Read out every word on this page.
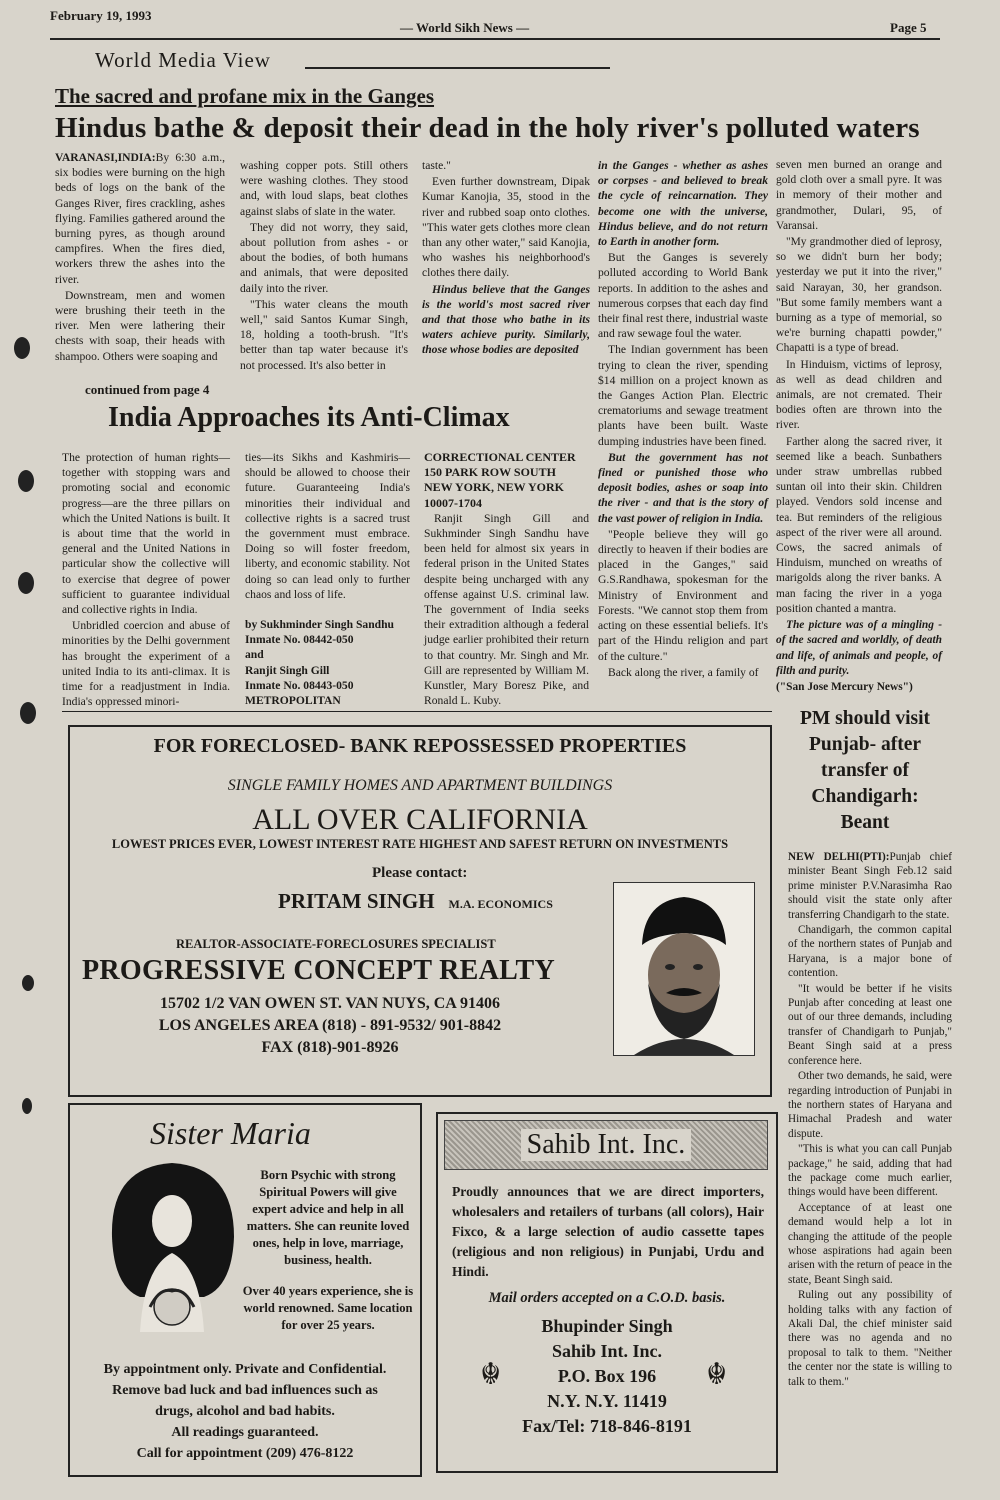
February 19, 1993
— World Sikh News —	Page 5
World Media View
The sacred and profane mix in the Ganges
Hindus bathe & deposit their dead in the holy river's polluted waters

VARANASI,INDIA:By 6:30 a.m., six bodies were burning on the high beds of logs on the bank of the Ganges River, fires crackling, ashes flying. Families gathered around the burning pyres, as though around campfires. When the fires died, workers threw the ashes into the river.

Downstream, men and women were brushing their teeth in the river. Men were lathering their chests with soap, their heads with shampoo. Others were soaping and

washing copper pots. Still others were washing clothes. They stood and, with loud slaps, beat clothes against slabs of slate in the water.

They did not worry, they said, about pollution from ashes - or about the bodies, of both humans and animals, that were deposited daily into the river.

"This water cleans the mouth well," said Santos Kumar Singh, 18, holding a tooth-brush. "It's better than tap water because it's not processed. It's also better in

taste."

Even further downstream, Dipak Kumar Kanojia, 35, stood in the river and rubbed soap onto clothes. "This water gets clothes more clean than any other water," said Kanojia, who washes his neighborhood's clothes there daily.

Hindus believe that the Ganges is the world's most sacred river and that those who bathe in its waters achieve purity. Similarly, those whose bodies are deposited

in the Ganges - whether as ashes or corpses - and believed to break the cycle of reincarnation. They become one with the universe, Hindus believe, and do not return to Earth in another form.

But the Ganges is severely polluted according to World Bank reports. In addition to the ashes and numerous corpses that each day find their final rest there, industrial waste and raw sewage foul the water.

The Indian government has been trying to clean the river, spending $14 million on a project known as the Ganges Action Plan. Electric crematoriums and sewage treatment plants have been built. Waste dumping industries have been fined.

But the government has not fined or punished those who deposit bodies, ashes or soap into the river - and that is the story of the vast power of religion in India.

"People believe they will go directly to heaven if their bodies are placed in the Ganges," said G.S.Randhawa, spokesman for the Ministry of Environment and Forests. "We cannot stop them from acting on these essential beliefs. It's part of the Hindu religion and part of the culture."

Back along the river, a family of

seven men burned an orange and gold cloth over a small pyre. It was in memory of their mother and grandmother, Dulari, 95, of Varansai.

"My grandmother died of leprosy, so we didn't burn her body; yesterday we put it into the river," said Narayan, 30, her grandson. "But some family members want a burning as a type of memorial, so we're burning chapatti powder," Chapatti is a type of bread.

In Hinduism, victims of leprosy, as well as dead children and animals, are not cremated. Their bodies often are thrown into the river.

Farther along the sacred river, it seemed like a beach. Sunbathers under straw umbrellas rubbed suntan oil into their skin. Children played. Vendors sold incense and tea. But reminders of the religious aspect of the river were all around. Cows, the sacred animals of Hinduism, munched on wreaths of marigolds along the river banks. A man facing the river in a yoga position chanted a mantra.

The picture was of a mingling - of the sacred and worldly, of death and life, of animals and people, of filth and purity.

("San Jose Mercury News")

continued from page 4
India Approaches its Anti-Climax

The protection of human rights—together with stopping wars and promoting social and economic progress—are the three pillars on which the United Nations is built. It is about time that the world in general and the United Nations in particular show the collective will to exercise that degree of power sufficient to guarantee individual and collective rights in India.

Unbridled coercion and abuse of minorities by the Delhi government has brought the experiment of a united India to its anti-climax. It is time for a readjustment in India. India's oppressed minori-

ties—its Sikhs and Kashmiris—should be allowed to choose their future. Guaranteeing India's minorities their individual and collective rights is a sacred trust the government must embrace. Doing so will foster freedom, liberty, and economic stability. Not doing so can lead only to further chaos and loss of life.

by Sukhminder Singh Sandhu
Inmate No. 08442-050
and
Ranjit Singh Gill
Inmate No. 08443-050
METROPOLITAN
CORRECTIONAL CENTER
150 PARK ROW SOUTH
NEW YORK, NEW YORK
10007-1704

Ranjit Singh Gill and Sukhminder Singh Sandhu have been held for almost six years in federal prison in the United States despite being uncharged with any offense against U.S. criminal law. The government of India seeks their extradition although a federal judge earlier prohibited their return to that country. Mr. Singh and Mr. Gill are represented by William M. Kunstler, Mary Boresz Pike, and Ronald L. Kuby.

FOR FORECLOSED- BANK REPOSSESSED PROPERTIES
SINGLE FAMILY HOMES AND APARTMENT BUILDINGS
ALL OVER CALIFORNIA
LOWEST PRICES EVER, LOWEST INTEREST RATE HIGHEST AND SAFEST RETURN ON INVESTMENTS
Please contact:
PRITAM SINGH M.A. ECONOMICS
REALTOR-ASSOCIATE-FORECLOSURES SPECIALIST
PROGRESSIVE CONCEPT REALTY
15702 1/2 VAN OWEN ST. VAN NUYS, CA 91406
LOS ANGELES AREA (818) - 891-9532/ 901-8842
FAX (818)-901-8926
PM should visit
Punjab- after
transfer of
Chandigarh:
Beant

NEW DELHI(PTI):Punjab chief minister Beant Singh Feb.12 said prime minister P.V.Narasimha Rao should visit the state only after transferring Chandigarh to the state.

Chandigarh, the common capital of the northern states of Punjab and Haryana, is a major bone of contention.

"It would be better if he visits Punjab after conceding at least one out of our three demands, including transfer of Chandigarh to Punjab," Beant Singh said at a press conference here.

Other two demands, he said, were regarding introduction of Punjabi in the northern states of Haryana and Himachal Pradesh and water dispute.

"This is what you can call Punjab package," he said, adding that had the package come much earlier, things would have been different.

Acceptance of at least one demand would help a lot in changing the attitude of the people whose aspirations had again been arisen with the return of peace in the state, Beant Singh said.

Ruling out any possibility of holding talks with any faction of Akali Dal, the chief minister said there was no agenda and no proposal to talk to them. "Neither the center nor the state is willing to talk to them."

Sister Maria
Born Psychic with strong Spiritual Powers will give expert advice and help in all matters. She can reunite loved ones, help in love, marriage, business, health.
Over 40 years experience, she is world renowned. Same location for over 25 years.
By appointment only. Private and Confidential.
Remove bad luck and bad influences such as
drugs, alcohol and bad habits.
All readings guaranteed.
Call for appointment (209) 476-8122
Sahib Int. Inc.
Proudly announces that we are direct importers, wholesalers and retailers of turbans (all colors), Hair Fixco, & a large selection of audio cassette tapes (religious and non religious) in Punjabi, Urdu and Hindi.
Mail orders accepted on a C.O.D. basis.
Bhupinder Singh
Sahib Int. Inc.
P.O. Box 196
N.Y. N.Y. 11419
Fax/Tel: 718-846-8191
☬	☬
